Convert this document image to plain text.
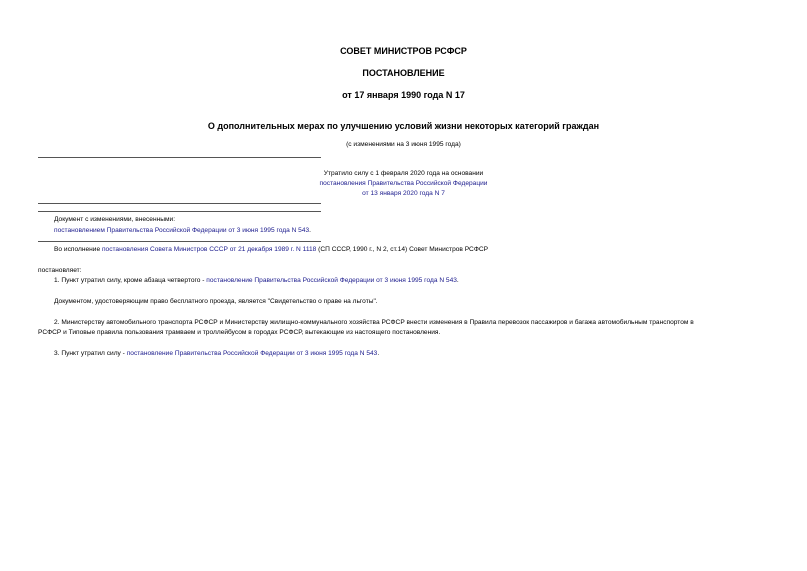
СОВЕТ МИНИСТРОВ РСФСР
ПОСТАНОВЛЕНИЕ
от 17 января 1990 года N 17
О дополнительных мерах по улучшению условий жизни некоторых категорий граждан
(с изменениями на 3 июня 1995 года)
Утратило силу с 1 февраля 2020 года на основании
постановления Правительства Российской Федерации
от 13 января 2020 года N 7
Документ с изменениями, внесенными:
постановлением Правительства Российской Федерации от 3 июня 1995 года N 543.
Во исполнение постановления Совета Министров СССР от 21 декабря 1989 г. N 1118 (СП СССР, 1990 г., N 2, ст.14) Совет Министров РСФСР
постановляет:
1. Пункт утратил силу, кроме абзаца четвертого - постановление Правительства Российской Федерации от 3 июня 1995 года N 543.
Документом, удостоверяющим право бесплатного проезда, является "Свидетельство о праве на льготы".
2. Министерству автомобильного транспорта РСФСР и Министерству жилищно-коммунального хозяйства РСФСР внести изменения в Правила перевозок пассажиров и багажа автомобильным транспортом в
РСФСР и Типовые правила пользования трамваем и троллейбусом в городах РСФСР, вытекающие из настоящего постановления.
3. Пункт утратил силу - постановление Правительства Российской Федерации от 3 июня 1995 года N 543.
